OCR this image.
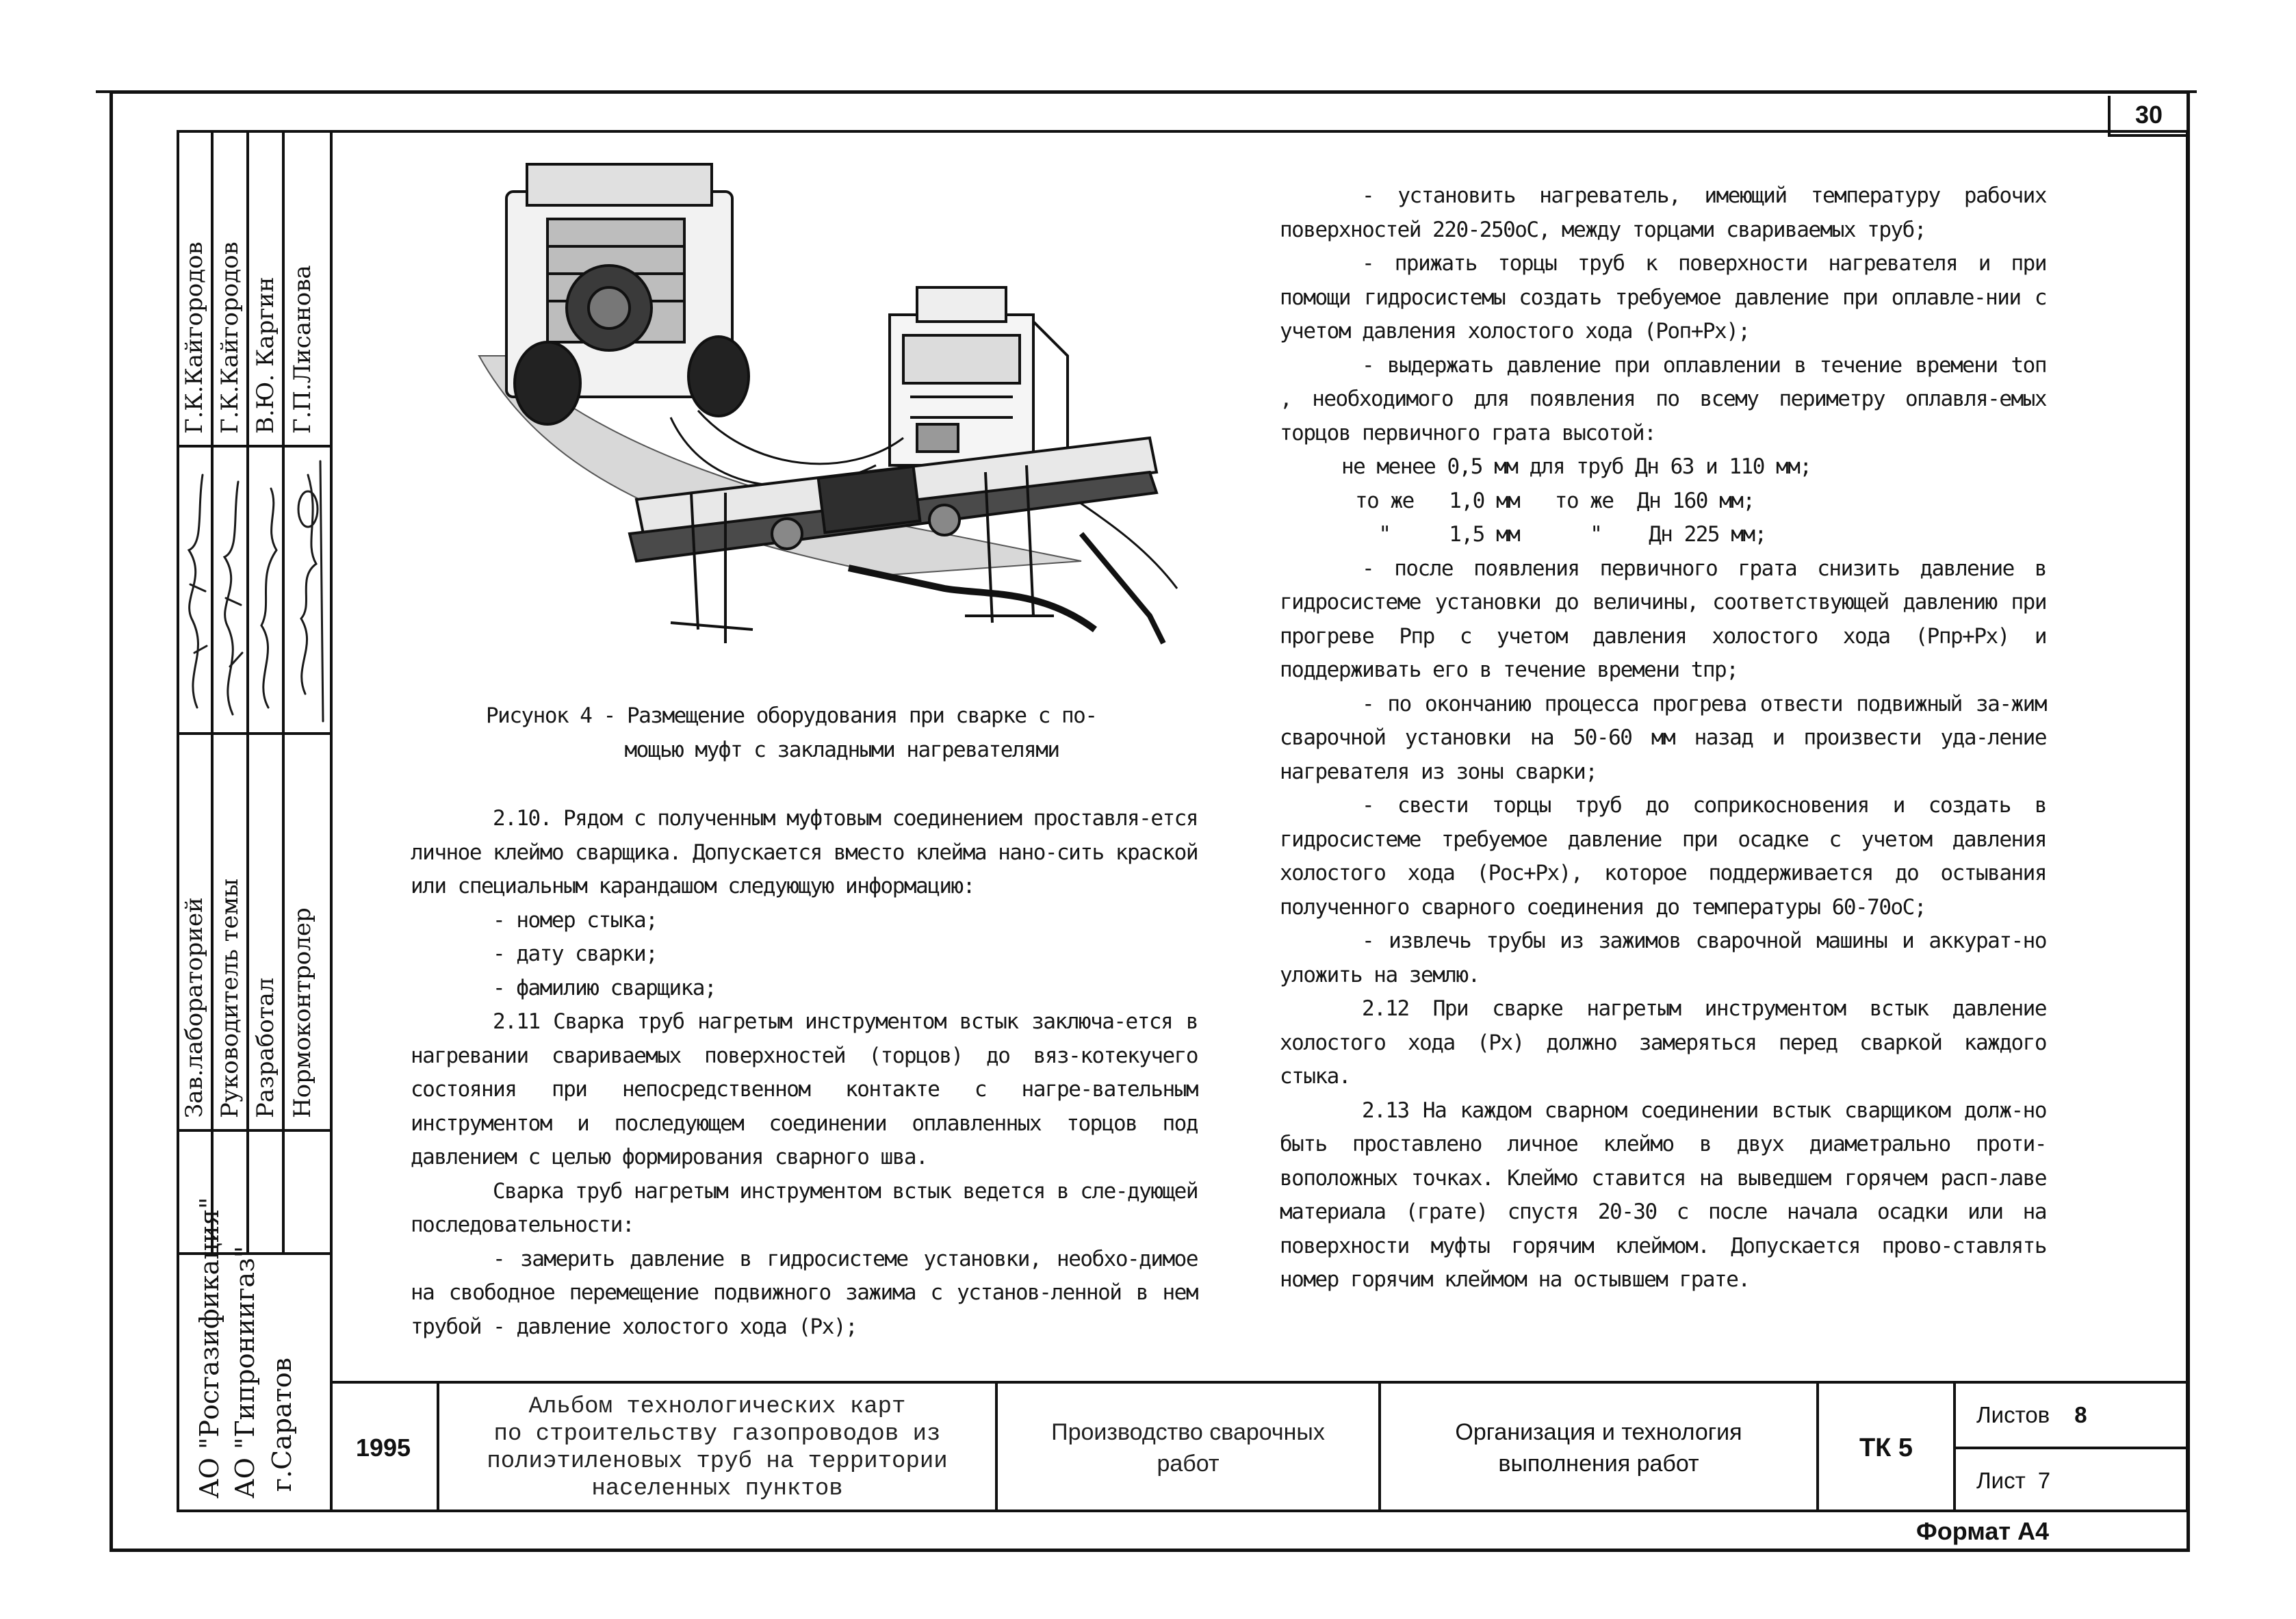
30
Г.К.Кайгородов Г.К.Кайгородов В.Ю. Каргин Г.П.Лисанова
Зав.лабораторией Руководитель темы Разработал Нормоконтролер
АО "Росгазификация" АО "Гипрониигаз" г.Саратов

Рисунок 4 - Размещение оборудования при сварке с по-

мощью муфт с закладными нагревателями

2.10. Рядом с полученным муфтовым соединением проставля-ется личное клеймо сварщика. Допускается вместо клейма нано-сить краской или специальным карандашом следующую информацию:

- номер стыка;

- дату сварки;

- фамилию сварщика;

2.11 Сварка труб нагретым инструментом встык заключа-ется в нагревании свариваемых поверхностей (торцов) до вяз-котекучего состояния при непосредственном контакте с нагре-вательным инструментом и последующем соединении оплавленных торцов под давлением с целью формирования сварного шва.

Сварка труб нагретым инструментом встык ведется в сле-дующей последовательности:

- замерить давление в гидросистеме установки, необхо-димое на свободное перемещение подвижного зажима с установ-ленной в нем трубой - давление холостого хода (Рх);

- установить нагреватель, имеющий температуру рабочих поверхностей 220-250оС, между торцами свариваемых труб;

- прижать торцы труб к поверхности нагревателя и при помощи гидросистемы создать требуемое давление при оплавле-нии с учетом давления холостого хода (Роп+Рх);

- выдержать давление при оплавлении в течение времени tоп , необходимого для появления по всему периметру оплавля-емых торцов первичного грата высотой:

не менее 0,5 мм для труб Дн 63 и 110 мм;

то же   1,0 мм   то же  Дн 160 мм;

"     1,5 мм      "    Дн 225 мм;

- после появления первичного грата снизить давление в гидросистеме установки до величины, соответствующей давлению при прогреве Рпр с учетом давления холостого хода (Рпр+Рх) и поддерживать его в течение времени tпр;

- по окончанию процесса прогрева отвести подвижный за-жим сварочной установки на 50-60 мм назад и произвести уда-ление нагревателя из зоны сварки;

- свести торцы труб до соприкосновения и создать в гидросистеме требуемое давление при осадке с учетом давления холостого хода (Рос+Рх), которое поддерживается до остывания полученного сварного соединения до температуры 60-70оС;

- извлечь трубы из зажимов сварочной машины и аккурат-но уложить на землю.

2.12 При сварке нагретым инструментом встык давление холостого хода (Рх) должно замеряться перед сваркой каждого стыка.

2.13 На каждом сварном соединении встык сварщиком долж-но быть проставлено личное клеймо в двух диаметрально проти-воположных точках. Клеймо ставится на выведшем горячем расп-лаве материала (грате) спустя 20-30 с после начала осадки или на поверхности муфты горячим клеймом. Допускается прово-ставлять номер горячим клеймом на остывшем грате.

1995
Альбом технологических карт
по строительству газопроводов из
полиэтиленовых труб на территории
населенных пунктов
Производство сварочных работ
Организация и технология выполнения работ
ТК 5
Листов 8
Лист 7
Формат А4
